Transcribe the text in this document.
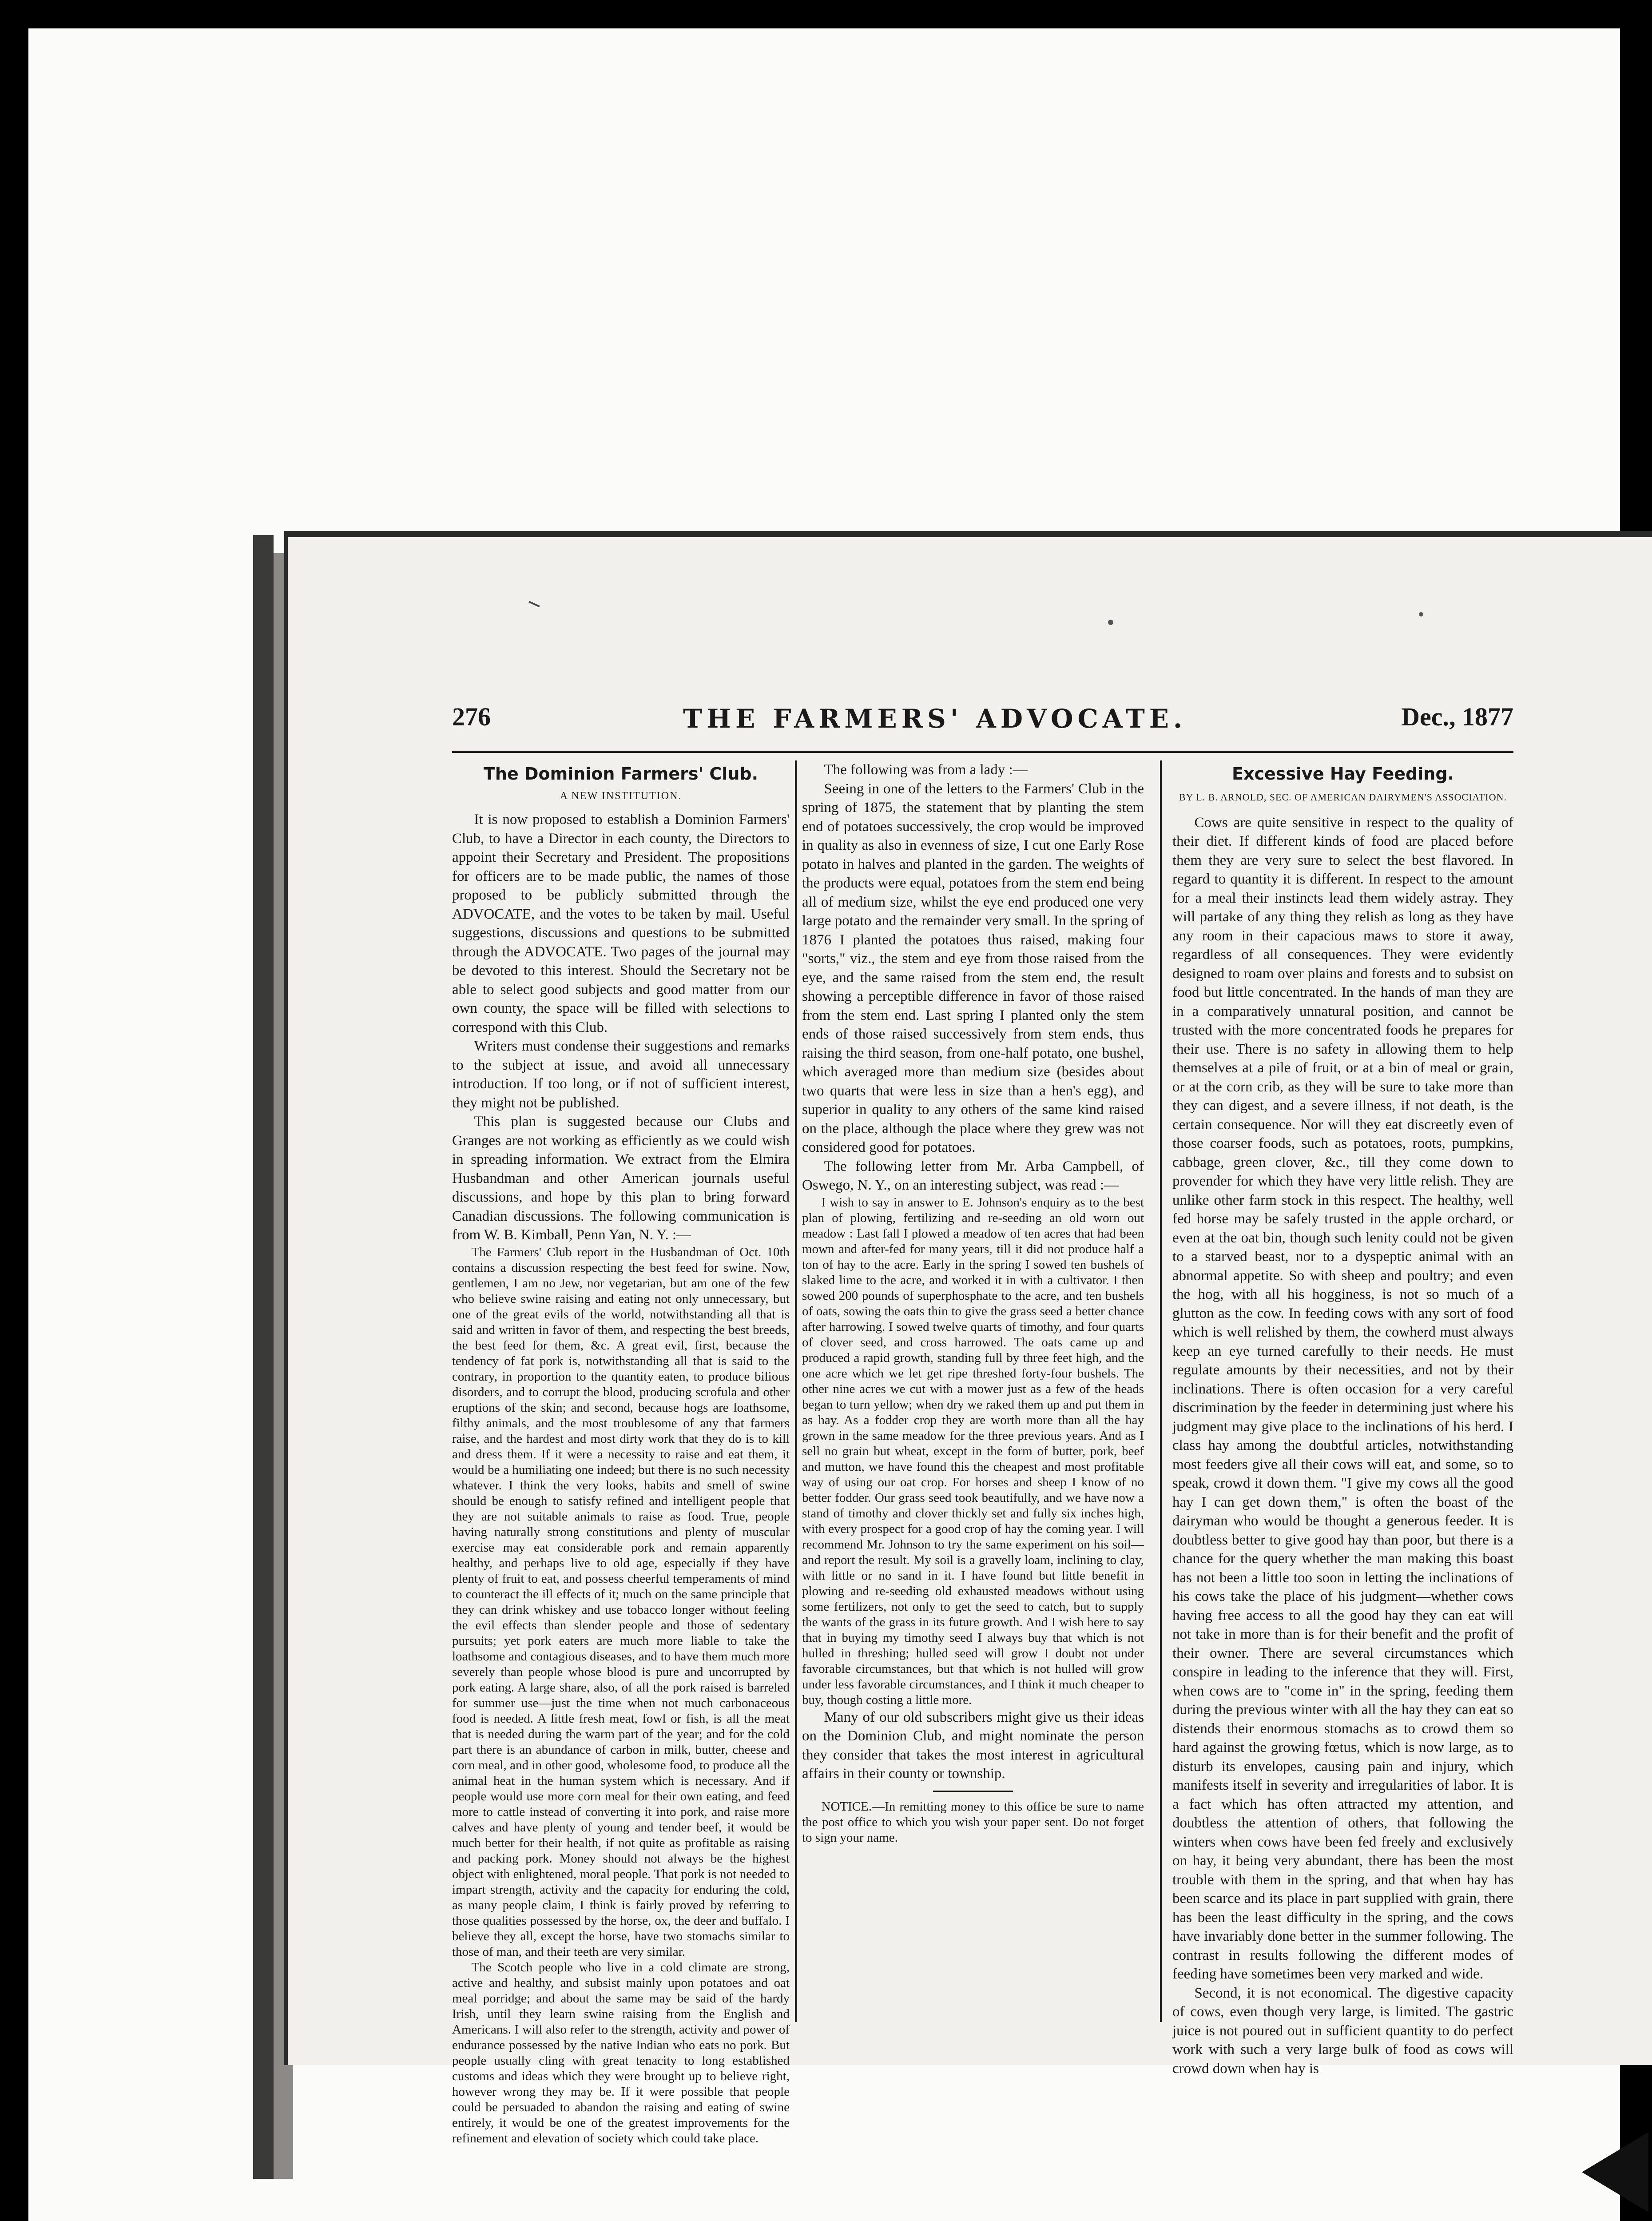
276	THE FARMERS' ADVOCATE.	Dec., 1877
The Dominion Farmers' Club.
A NEW INSTITUTION.

It is now proposed to establish a Dominion Farmers' Club, to have a Director in each county, the Directors to appoint their Secretary and President. The propositions for officers are to be made public, the names of those proposed to be publicly submitted through the ADVOCATE, and the votes to be taken by mail. Useful suggestions, discussions and questions to be submitted through the ADVOCATE. Two pages of the journal may be devoted to this interest. Should the Secretary not be able to select good subjects and good matter from our own county, the space will be filled with selections to correspond with this Club.

Writers must condense their suggestions and remarks to the subject at issue, and avoid all unnecessary introduction. If too long, or if not of sufficient interest, they might not be published.

This plan is suggested because our Clubs and Granges are not working as efficiently as we could wish in spreading information. We extract from the Elmira Husbandman and other American journals useful discussions, and hope by this plan to bring forward Canadian discussions. The following communication is from W. B. Kimball, Penn Yan, N. Y. :—

The Farmers' Club report in the Husbandman of Oct. 10th contains a discussion respecting the best feed for swine. Now, gentlemen, I am no Jew, nor vegetarian, but am one of the few who believe swine raising and eating not only unnecessary, but one of the great evils of the world, notwithstanding all that is said and written in favor of them, and respecting the best breeds, the best feed for them, &c. A great evil, first, because the tendency of fat pork is, notwithstanding all that is said to the contrary, in proportion to the quantity eaten, to produce bilious disorders, and to corrupt the blood, producing scrofula and other eruptions of the skin; and second, because hogs are loathsome, filthy animals, and the most troublesome of any that farmers raise, and the hardest and most dirty work that they do is to kill and dress them. If it were a necessity to raise and eat them, it would be a humiliating one indeed; but there is no such necessity whatever. I think the very looks, habits and smell of swine should be enough to satisfy refined and intelligent people that they are not suitable animals to raise as food. True, people having naturally strong constitutions and plenty of muscular exercise may eat considerable pork and remain apparently healthy, and perhaps live to old age, especially if they have plenty of fruit to eat, and possess cheerful temperaments of mind to counteract the ill effects of it; much on the same principle that they can drink whiskey and use tobacco longer without feeling the evil effects than slender people and those of sedentary pursuits; yet pork eaters are much more liable to take the loathsome and contagious diseases, and to have them much more severely than people whose blood is pure and uncorrupted by pork eating. A large share, also, of all the pork raised is barreled for summer use—just the time when not much carbonaceous food is needed. A little fresh meat, fowl or fish, is all the meat that is needed during the warm part of the year; and for the cold part there is an abundance of carbon in milk, butter, cheese and corn meal, and in other good, wholesome food, to produce all the animal heat in the human system which is necessary. And if people would use more corn meal for their own eating, and feed more to cattle instead of converting it into pork, and raise more calves and have plenty of young and tender beef, it would be much better for their health, if not quite as profitable as raising and packing pork. Money should not always be the highest object with enlightened, moral people. That pork is not needed to impart strength, activity and the capacity for enduring the cold, as many people claim, I think is fairly proved by referring to those qualities possessed by the horse, ox, the deer and buffalo. I believe they all, except the horse, have two stomachs similar to those of man, and their teeth are very similar.

The Scotch people who live in a cold climate are strong, active and healthy, and subsist mainly upon potatoes and oat meal porridge; and about the same may be said of the hardy Irish, until they learn swine raising from the English and Americans. I will also refer to the strength, activity and power of endurance possessed by the native Indian who eats no pork. But people usually cling with great tenacity to long established customs and ideas which they were brought up to believe right, however wrong they may be. If it were possible that people could be persuaded to abandon the raising and eating of swine entirely, it would be one of the greatest improvements for the refinement and elevation of society which could take place.

The following was from a lady :—

Seeing in one of the letters to the Farmers' Club in the spring of 1875, the statement that by planting the stem end of potatoes successively, the crop would be improved in quality as also in evenness of size, I cut one Early Rose potato in halves and planted in the garden. The weights of the products were equal, potatoes from the stem end being all of medium size, whilst the eye end produced one very large potato and the remainder very small. In the spring of 1876 I planted the potatoes thus raised, making four "sorts," viz., the stem and eye from those raised from the eye, and the same raised from the stem end, the result showing a perceptible difference in favor of those raised from the stem end. Last spring I planted only the stem ends of those raised successively from stem ends, thus raising the third season, from one-half potato, one bushel, which averaged more than medium size (besides about two quarts that were less in size than a hen's egg), and superior in quality to any others of the same kind raised on the place, although the place where they grew was not considered good for potatoes.

The following letter from Mr. Arba Campbell, of Oswego, N. Y., on an interesting subject, was read :—

I wish to say in answer to E. Johnson's enquiry as to the best plan of plowing, fertilizing and re-seeding an old worn out meadow : Last fall I plowed a meadow of ten acres that had been mown and after-fed for many years, till it did not produce half a ton of hay to the acre. Early in the spring I sowed ten bushels of slaked lime to the acre, and worked it in with a cultivator. I then sowed 200 pounds of superphosphate to the acre, and ten bushels of oats, sowing the oats thin to give the grass seed a better chance after harrowing. I sowed twelve quarts of timothy, and four quarts of clover seed, and cross harrowed. The oats came up and produced a rapid growth, standing full by three feet high, and the one acre which we let get ripe threshed forty-four bushels. The other nine acres we cut with a mower just as a few of the heads began to turn yellow; when dry we raked them up and put them in as hay. As a fodder crop they are worth more than all the hay grown in the same meadow for the three previous years. And as I sell no grain but wheat, except in the form of butter, pork, beef and mutton, we have found this the cheapest and most profitable way of using our oat crop. For horses and sheep I know of no better fodder. Our grass seed took beautifully, and we have now a stand of timothy and clover thickly set and fully six inches high, with every prospect for a good crop of hay the coming year. I will recommend Mr. Johnson to try the same experiment on his soil—and report the result. My soil is a gravelly loam, inclining to clay, with little or no sand in it. I have found but little benefit in plowing and re-seeding old exhausted meadows without using some fertilizers, not only to get the seed to catch, but to supply the wants of the grass in its future growth. And I wish here to say that in buying my timothy seed I always buy that which is not hulled in threshing; hulled seed will grow I doubt not under favorable circumstances, but that which is not hulled will grow under less favorable circumstances, and I think it much cheaper to buy, though costing a little more.

Many of our old subscribers might give us their ideas on the Dominion Club, and might nominate the person they consider that takes the most interest in agricultural affairs in their county or township.

NOTICE.—In remitting money to this office be sure to name the post office to which you wish your paper sent. Do not forget to sign your name.

Excessive Hay Feeding.
BY L. B. ARNOLD, SEC. OF AMERICAN DAIRYMEN'S ASSOCIATION.

Cows are quite sensitive in respect to the quality of their diet. If different kinds of food are placed before them they are very sure to select the best flavored. In regard to quantity it is different. In respect to the amount for a meal their instincts lead them widely astray. They will partake of any thing they relish as long as they have any room in their capacious maws to store it away, regardless of all consequences. They were evidently designed to roam over plains and forests and to subsist on food but little concentrated. In the hands of man they are in a comparatively unnatural position, and cannot be trusted with the more concentrated foods he prepares for their use. There is no safety in allowing them to help themselves at a pile of fruit, or at a bin of meal or grain, or at the corn crib, as they will be sure to take more than they can digest, and a severe illness, if not death, is the certain consequence. Nor will they eat discreetly even of those coarser foods, such as potatoes, roots, pumpkins, cabbage, green clover, &c., till they come down to provender for which they have very little relish. They are unlike other farm stock in this respect. The healthy, well fed horse may be safely trusted in the apple orchard, or even at the oat bin, though such lenity could not be given to a starved beast, nor to a dyspeptic animal with an abnormal appetite. So with sheep and poultry; and even the hog, with all his hogginess, is not so much of a glutton as the cow. In feeding cows with any sort of food which is well relished by them, the cowherd must always keep an eye turned carefully to their needs. He must regulate amounts by their necessities, and not by their inclinations. There is often occasion for a very careful discrimination by the feeder in determining just where his judgment may give place to the inclinations of his herd. I class hay among the doubtful articles, notwithstanding most feeders give all their cows will eat, and some, so to speak, crowd it down them. "I give my cows all the good hay I can get down them," is often the boast of the dairyman who would be thought a generous feeder. It is doubtless better to give good hay than poor, but there is a chance for the query whether the man making this boast has not been a little too soon in letting the inclinations of his cows take the place of his judgment—whether cows having free access to all the good hay they can eat will not take in more than is for their benefit and the profit of their owner. There are several circumstances which conspire in leading to the inference that they will. First, when cows are to "come in" in the spring, feeding them during the previous winter with all the hay they can eat so distends their enormous stomachs as to crowd them so hard against the growing fœtus, which is now large, as to disturb its envelopes, causing pain and injury, which manifests itself in severity and irregularities of labor. It is a fact which has often attracted my attention, and doubtless the attention of others, that following the winters when cows have been fed freely and exclusively on hay, it being very abundant, there has been the most trouble with them in the spring, and that when hay has been scarce and its place in part supplied with grain, there has been the least difficulty in the spring, and the cows have invariably done better in the summer following. The contrast in results following the different modes of feeding have sometimes been very marked and wide.

Second, it is not economical. The digestive capacity of cows, even though very large, is limited. The gastric juice is not poured out in sufficient quantity to do perfect work with such a very large bulk of food as cows will crowd down when hay is
